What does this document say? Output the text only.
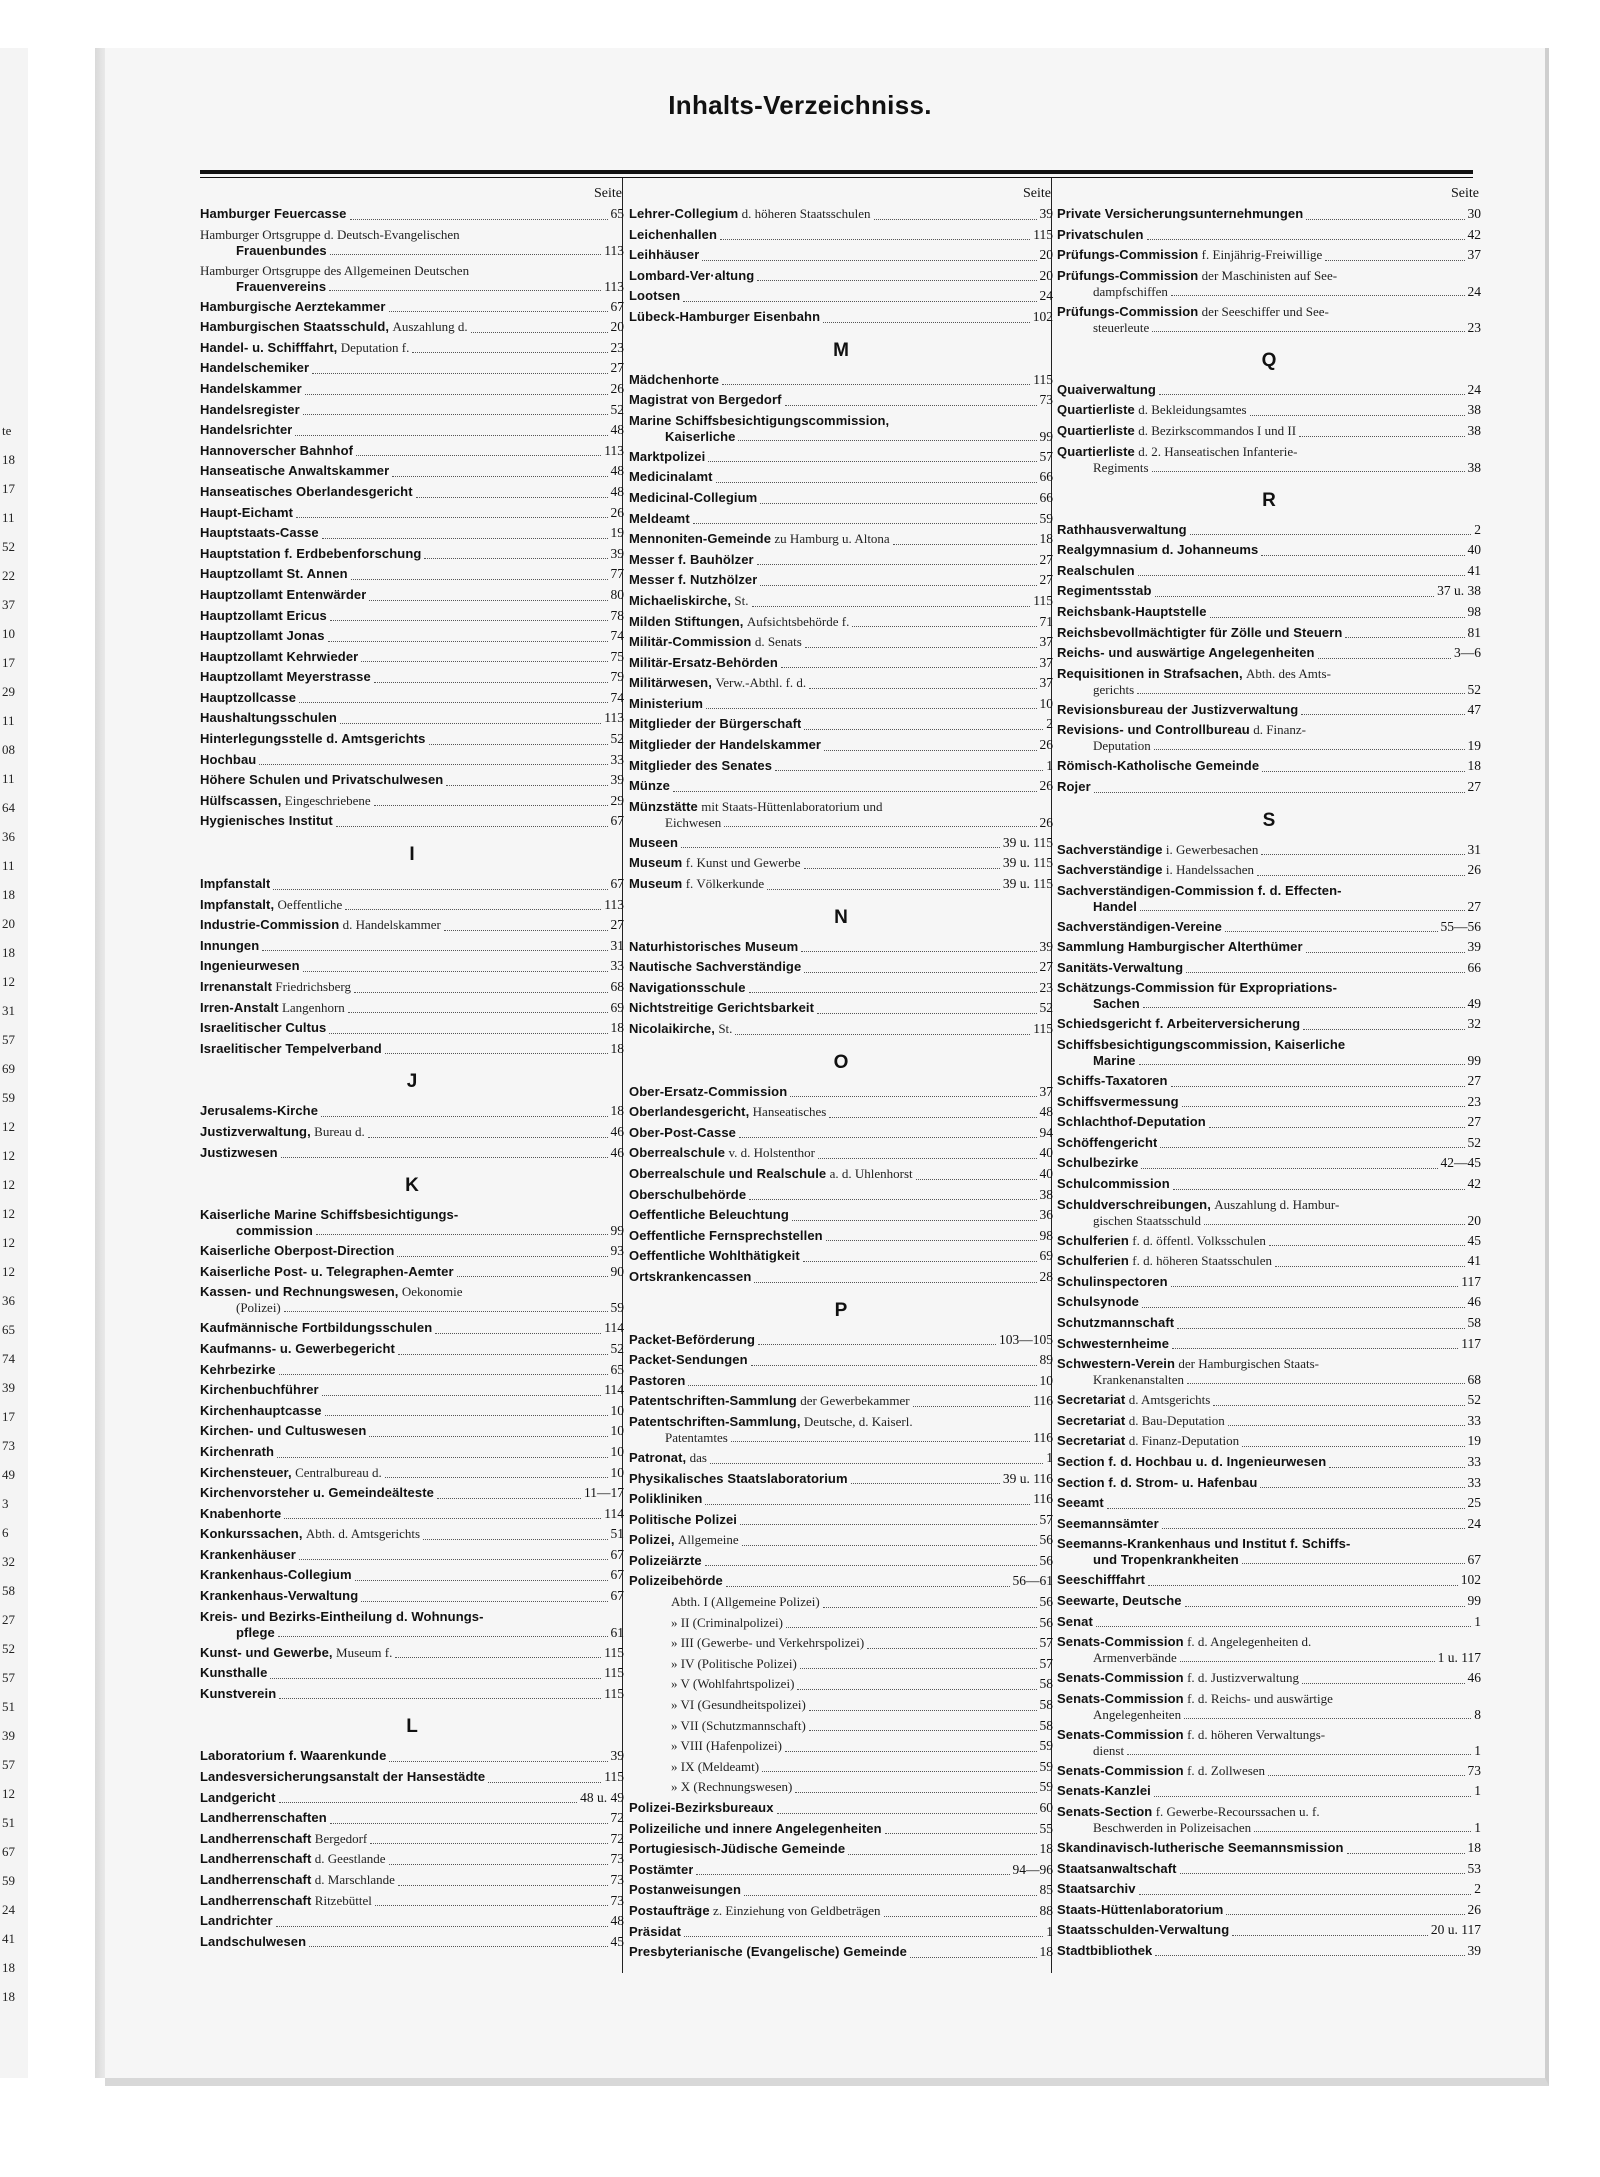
te
18
17
11
52
22
37
10
17
29
11
08
11
64
36
11
18
20
18
12
31
57
69
59
12
12
12
12
12
12
36
65
74
39
17
73
49
3
6
32
58
27
52
57
51
39
57
12
51
67
59
24
41
18
18
Inhalts-Verzeichniss.
Seite
Hamburger Feuercasse	65
Hamburger Ortsgruppe d. Deutsch-Evangelischen
Frauenbundes	113
Hamburger Ortsgruppe des Allgemeinen Deutschen
Frauenvereins	113
Hamburgische Aerztekammer	67
Hamburgischen Staatsschuld, Auszahlung d.	20
Handel- u. Schifffahrt, Deputation f.	23
Handelschemiker	27
Handelskammer	26
Handelsregister	52
Handelsrichter	48
Hannoverscher Bahnhof	113
Hanseatische Anwaltskammer	48
Hanseatisches Oberlandesgericht	48
Haupt-Eichamt	26
Hauptstaats-Casse	19
Hauptstation f. Erdbebenforschung	39
Hauptzollamt St. Annen	77
Hauptzollamt Entenwärder	80
Hauptzollamt Ericus	78
Hauptzollamt Jonas	74
Hauptzollamt Kehrwieder	75
Hauptzollamt Meyerstrasse	79
Hauptzollcasse	74
Haushaltungsschulen	113
Hinterlegungsstelle d. Amtsgerichts	52
Hochbau	33
Höhere Schulen und Privatschulwesen	39
Hülfscassen, Eingeschriebene	29
Hygienisches Institut	67
I
Impfanstalt	67
Impfanstalt, Oeffentliche	113
Industrie-Commission d. Handelskammer	27
Innungen	31
Ingenieurwesen	33
Irrenanstalt Friedrichsberg	68
Irren-Anstalt Langenhorn	69
Israelitischer Cultus	18
Israelitischer Tempelverband	18
J
Jerusalems-Kirche	18
Justizverwaltung, Bureau d.	46
Justizwesen	46
K
Kaiserliche Marine Schiffsbesichtigungs-
commission	99
Kaiserliche Oberpost-Direction	93
Kaiserliche Post- u. Telegraphen-Aemter	90
Kassen- und Rechnungswesen, Oekonomie
(Polizei)	59
Kaufmännische Fortbildungsschulen	114
Kaufmanns- u. Gewerbegericht	52
Kehrbezirke	65
Kirchenbuchführer	114
Kirchenhauptcasse	10
Kirchen- und Cultuswesen	10
Kirchenrath	10
Kirchensteuer, Centralbureau d.	10
Kirchenvorsteher u. Gemeindeälteste	11—17
Knabenhorte	114
Konkurssachen, Abth. d. Amtsgerichts	51
Krankenhäuser	67
Krankenhaus-Collegium	67
Krankenhaus-Verwaltung	67
Kreis- und Bezirks-Eintheilung d. Wohnungs-
pflege	61
Kunst- und Gewerbe, Museum f.	115
Kunsthalle	115
Kunstverein	115
L
Laboratorium f. Waarenkunde	39
Landesversicherungsanstalt der Hansestädte	115
Landgericht	48 u. 49
Landherrenschaften	72
Landherrenschaft Bergedorf	72
Landherrenschaft d. Geestlande	73
Landherrenschaft d. Marschlande	73
Landherrenschaft Ritzebüttel	73
Landrichter	48
Landschulwesen	45
Seite
Lehrer-Collegium d. höheren Staatsschulen	39
Leichenhallen	115
Leihhäuser	20
Lombard-Ver·altung	20
Lootsen	24
Lübeck-Hamburger Eisenbahn	102
M
Mädchenhorte	115
Magistrat von Bergedorf	73
Marine Schiffsbesichtigungscommission,
Kaiserliche	99
Marktpolizei	57
Medicinalamt	66
Medicinal-Collegium	66
Meldeamt	59
Mennoniten-Gemeinde zu Hamburg u. Altona	18
Messer f. Bauhölzer	27
Messer f. Nutzhölzer	27
Michaeliskirche, St.	115
Milden Stiftungen, Aufsichtsbehörde f.	71
Militär-Commission d. Senats	37
Militär-Ersatz-Behörden	37
Militärwesen, Verw.-Abthl. f. d.	37
Ministerium	10
Mitglieder der Bürgerschaft	2
Mitglieder der Handelskammer	26
Mitglieder des Senates	1
Münze	26
Münzstätte mit Staats-Hüttenlaboratorium und
Eichwesen	26
Museen	39 u. 115
Museum f. Kunst und Gewerbe	39 u. 115
Museum f. Völkerkunde	39 u. 115
N
Naturhistorisches Museum	39
Nautische Sachverständige	27
Navigationsschule	23
Nichtstreitige Gerichtsbarkeit	52
Nicolaikirche, St.	115
O
Ober-Ersatz-Commission	37
Oberlandesgericht, Hanseatisches	48
Ober-Post-Casse	94
Oberrealschule v. d. Holstenthor	40
Oberrealschule und Realschule a. d. Uhlenhorst	40
Oberschulbehörde	38
Oeffentliche Beleuchtung	36
Oeffentliche Fernsprechstellen	98
Oeffentliche Wohlthätigkeit	69
Ortskrankencassen	28
P
Packet-Beförderung	103—105
Packet-Sendungen	89
Pastoren	10
Patentschriften-Sammlung der Gewerbekammer	116
Patentschriften-Sammlung, Deutsche, d. Kaiserl.
Patentamtes	116
Patronat, das	1
Physikalisches Staatslaboratorium	39 u. 116
Polikliniken	116
Politische Polizei	57
Polizei, Allgemeine	56
Polizeiärzte	56
Polizeibehörde	56—61
Abth. I (Allgemeine Polizei)	56
» II (Criminalpolizei)	56
» III (Gewerbe- und Verkehrspolizei)	57
» IV (Politische Polizei)	57
» V (Wohlfahrtspolizei)	58
» VI (Gesundheitspolizei)	58
» VII (Schutzmannschaft)	58
» VIII (Hafenpolizei)	59
» IX (Meldeamt)	59
» X (Rechnungswesen)	59
Polizei-Bezirksbureaux	60
Polizeiliche und innere Angelegenheiten	55
Portugiesisch-Jüdische Gemeinde	18
Postämter	94—96
Postanweisungen	85
Postaufträge z. Einziehung von Geldbeträgen	88
Präsidat	1
Presbyterianische (Evangelische) Gemeinde	18
Seite
Private Versicherungsunternehmungen	30
Privatschulen	42
Prüfungs-Commission f. Einjährig-Freiwillige	37
Prüfungs-Commission der Maschinisten auf See-
dampfschiffen	24
Prüfungs-Commission der Seeschiffer und See-
steuerleute	23
Q
Quaiverwaltung	24
Quartierliste d. Bekleidungsamtes	38
Quartierliste d. Bezirkscommandos I und II	38
Quartierliste d. 2. Hanseatischen Infanterie-
Regiments	38
R
Rathhausverwaltung	2
Realgymnasium d. Johanneums	40
Realschulen	41
Regimentsstab	37 u. 38
Reichsbank-Hauptstelle	98
Reichsbevollmächtigter für Zölle und Steuern	81
Reichs- und auswärtige Angelegenheiten	3—6
Requisitionen in Strafsachen, Abth. des Amts-
gerichts	52
Revisionsbureau der Justizverwaltung	47
Revisions- und Controllbureau d. Finanz-
Deputation	19
Römisch-Katholische Gemeinde	18
Rojer	27
S
Sachverständige i. Gewerbesachen	31
Sachverständige i. Handelssachen	26
Sachverständigen-Commission f. d. Effecten-
Handel	27
Sachverständigen-Vereine	55—56
Sammlung Hamburgischer Alterthümer	39
Sanitäts-Verwaltung	66
Schätzungs-Commission für Expropriations-
Sachen	49
Schiedsgericht f. Arbeiterversicherung	32
Schiffsbesichtigungscommission, Kaiserliche
Marine	99
Schiffs-Taxatoren	27
Schiffsvermessung	23
Schlachthof-Deputation	27
Schöffengericht	52
Schulbezirke	42—45
Schulcommission	42
Schuldverschreibungen, Auszahlung d. Hambur-
gischen Staatsschuld	20
Schulferien f. d. öffentl. Volksschulen	45
Schulferien f. d. höheren Staatsschulen	41
Schulinspectoren	117
Schulsynode	46
Schutzmannschaft	58
Schwesternheime	117
Schwestern-Verein der Hamburgischen Staats-
Krankenanstalten	68
Secretariat d. Amtsgerichts	52
Secretariat d. Bau-Deputation	33
Secretariat d. Finanz-Deputation	19
Section f. d. Hochbau u. d. Ingenieurwesen	33
Section f. d. Strom- u. Hafenbau	33
Seeamt	25
Seemannsämter	24
Seemanns-Krankenhaus und Institut f. Schiffs-
und Tropenkrankheiten	67
Seeschifffahrt	102
Seewarte, Deutsche	99
Senat	1
Senats-Commission f. d. Angelegenheiten d.
Armenverbände	1 u. 117
Senats-Commission f. d. Justizverwaltung	46
Senats-Commission f. d. Reichs- und auswärtige
Angelegenheiten	8
Senats-Commission f. d. höheren Verwaltungs-
dienst	1
Senats-Commission f. d. Zollwesen	73
Senats-Kanzlei	1
Senats-Section f. Gewerbe-Recourssachen u. f.
Beschwerden in Polizeisachen	1
Skandinavisch-lutherische Seemannsmission	18
Staatsanwaltschaft	53
Staatsarchiv	2
Staats-Hüttenlaboratorium	26
Staatsschulden-Verwaltung	20 u. 117
Stadtbibliothek	39
